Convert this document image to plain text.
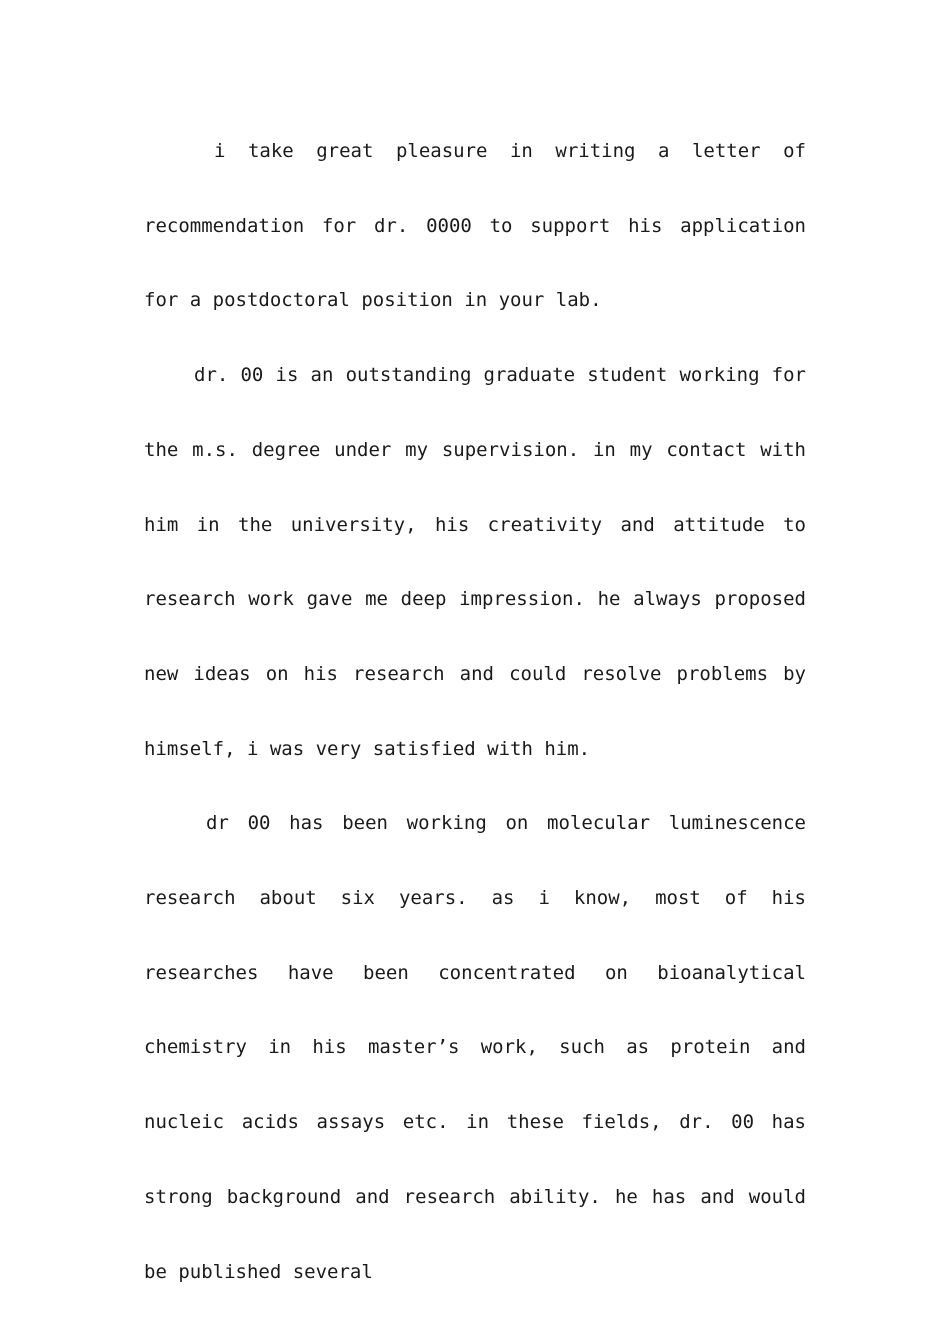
i take great pleasure in writing a letter of recommendation for dr. 0000 to support his application for a postdoctoral position in your lab.

dr. 00 is an outstanding graduate student working for the m.s. degree under my supervision. in my contact with him in the university, his creativity and attitude to research work gave me deep impression. he always proposed new ideas on his research and could resolve problems by himself, i was very satisfied with him.

dr 00 has been working on molecular luminescence research about six years. as i know, most of his researches have been concentrated on bioanalytical chemistry in his master’s work, such as protein and nucleic acids assays etc. in these fields, dr. 00 has strong background and research ability. he has and would be published several
